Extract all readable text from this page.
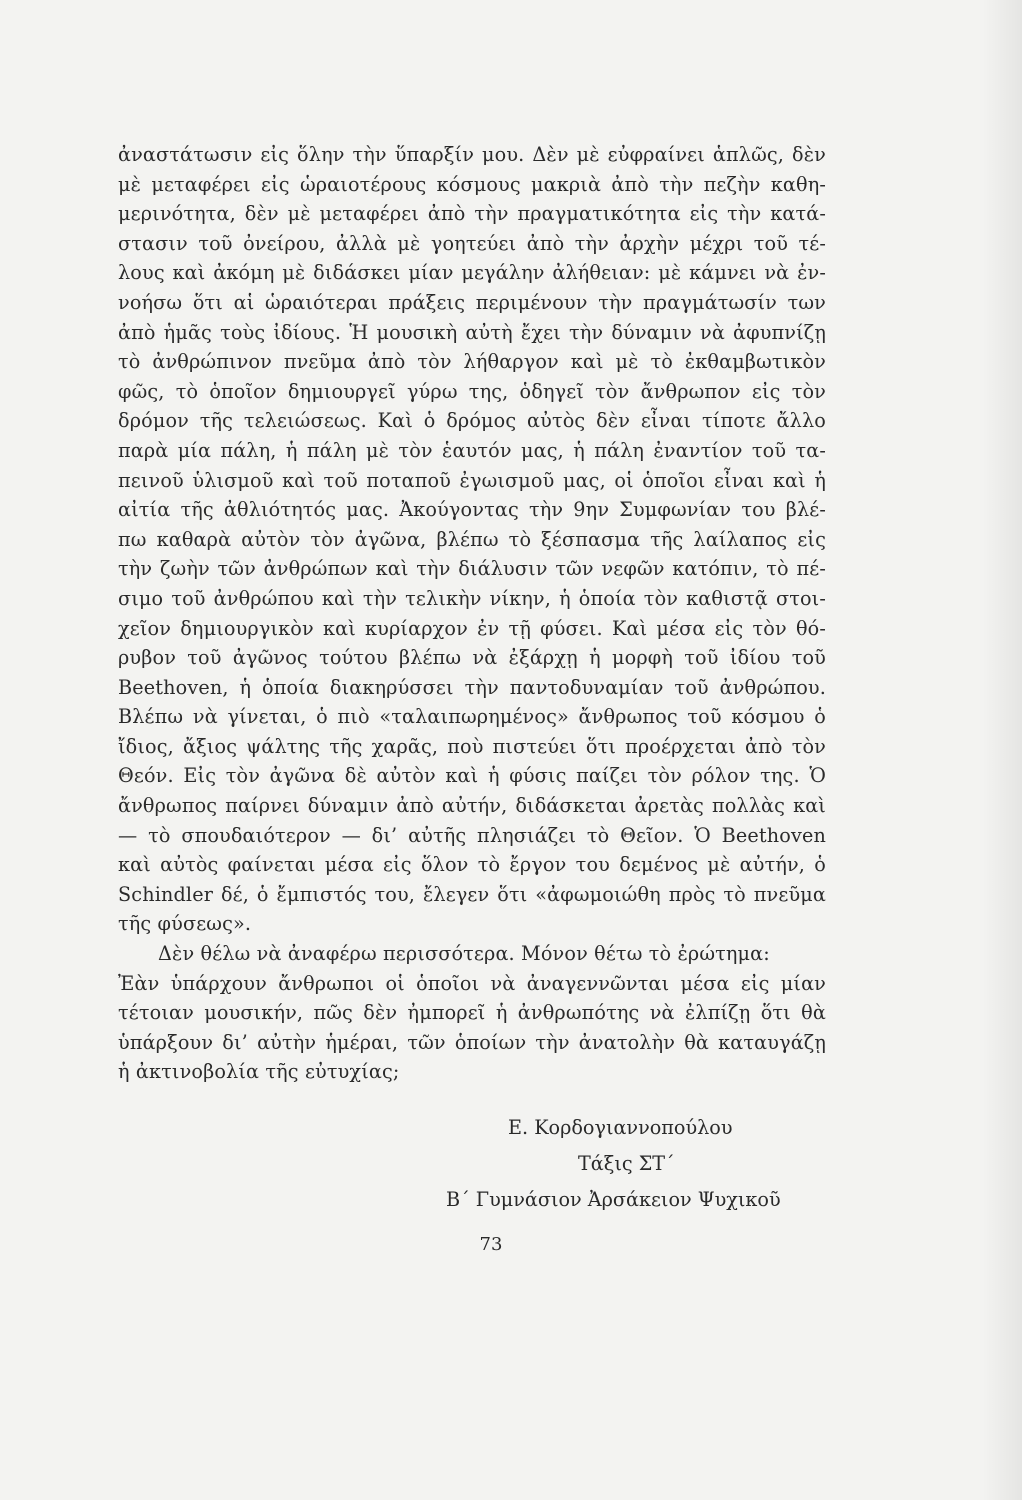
ἀναστάτωσιν εἰς ὅλην τὴν ὕπαρξίν μου. Δὲν μὲ εὐφραίνει ἁπλῶς, δὲν
μὲ μεταφέρει εἰς ὡραιοτέρους κόσμους μακριὰ ἀπὸ τὴν πεζὴν καθη-
μερινότητα, δὲν μὲ μεταφέρει ἀπὸ τὴν πραγματικότητα εἰς τὴν κατά-
στασιν τοῦ ὀνείρου, ἀλλὰ μὲ γοητεύει ἀπὸ τὴν ἀρχὴν μέχρι τοῦ τέ-
λους καὶ ἀκόμη μὲ διδάσκει μίαν μεγάλην ἀλήθειαν: μὲ κάμνει νὰ ἐν-
νοήσω ὅτι αἱ ὡραιότεραι πράξεις περιμένουν τὴν πραγμάτωσίν των
ἀπὸ ἡμᾶς τοὺς ἰδίους. Ἡ μουσικὴ αὐτὴ ἔχει τὴν δύναμιν νὰ ἀφυπνίζῃ
τὸ ἀνθρώπινον πνεῦμα ἀπὸ τὸν λήθαργον καὶ μὲ τὸ ἐκθαμβωτικὸν
φῶς, τὸ ὁποῖον δημιουργεῖ γύρω της, ὁδηγεῖ τὸν ἄνθρωπον εἰς τὸν
δρόμον τῆς τελειώσεως. Καὶ ὁ δρόμος αὐτὸς δὲν εἶναι τίποτε ἄλλο
παρὰ μία πάλη, ἡ πάλη μὲ τὸν ἑαυτόν μας, ἡ πάλη ἐναντίον τοῦ τα-
πεινοῦ ὑλισμοῦ καὶ τοῦ ποταποῦ ἐγωισμοῦ μας, οἱ ὁποῖοι εἶναι καὶ ἡ
αἰτία τῆς ἀθλιότητός μας. Ἀκούγοντας τὴν 9ην Συμφωνίαν του βλέ-
πω καθαρὰ αὐτὸν τὸν ἀγῶνα, βλέπω τὸ ξέσπασμα τῆς λαίλαπος εἰς
τὴν ζωὴν τῶν ἀνθρώπων καὶ τὴν διάλυσιν τῶν νεφῶν κατόπιν, τὸ πέ-
σιμο τοῦ ἀνθρώπου καὶ τὴν τελικὴν νίκην, ἡ ὁποία τὸν καθιστᾷ στοι-
χεῖον δημιουργικὸν καὶ κυρίαρχον ἐν τῇ φύσει. Καὶ μέσα εἰς τὸν θό-
ρυβον τοῦ ἀγῶνος τούτου βλέπω νὰ ἐξάρχῃ ἡ μορφὴ τοῦ ἰδίου τοῦ
Beethoven, ἡ ὁποία διακηρύσσει τὴν παντοδυναμίαν τοῦ ἀνθρώπου.
Βλέπω νὰ γίνεται, ὁ πιὸ «ταλαιπωρημένος» ἄνθρωπος τοῦ κόσμου ὁ
ἴδιος, ἄξιος ψάλτης τῆς χαρᾶς, ποὺ πιστεύει ὅτι προέρχεται ἀπὸ τὸν
Θεόν. Εἰς τὸν ἀγῶνα δὲ αὐτὸν καὶ ἡ φύσις παίζει τὸν ρόλον της. Ὁ
ἄνθρωπος παίρνει δύναμιν ἀπὸ αὐτήν, διδάσκεται ἀρετὰς πολλὰς καὶ
— τὸ σπουδαιότερον — δι’ αὐτῆς πλησιάζει τὸ Θεῖον. Ὁ Beethoven
καὶ αὐτὸς φαίνεται μέσα εἰς ὅλον τὸ ἔργον του δεμένος μὲ αὐτήν, ὁ
Schindler δέ, ὁ ἔμπιστός του, ἔλεγεν ὅτι «ἀφωμοιώθη πρὸς τὸ πνεῦμα
τῆς φύσεως».
Δὲν θέλω νὰ ἀναφέρω περισσότερα. Μόνον θέτω τὸ ἐρώτημα:
Ἐὰν ὑπάρχουν ἄνθρωποι οἱ ὁποῖοι νὰ ἀναγεννῶνται μέσα εἰς μίαν
τέτοιαν μουσικήν, πῶς δὲν ἠμπορεῖ ἡ ἀνθρωπότης νὰ ἐλπίζῃ ὅτι θὰ
ὑπάρξουν δι’ αὐτὴν ἡμέραι, τῶν ὁποίων τὴν ἀνατολὴν θὰ καταυγάζῃ
ἡ ἀκτινοβολία τῆς εὐτυχίας;
Ε. Κορδογιαννοπούλου
Τάξις ΣΤ΄
Β΄ Γυμνάσιον Ἀρσάκειον Ψυχικοῦ
73
